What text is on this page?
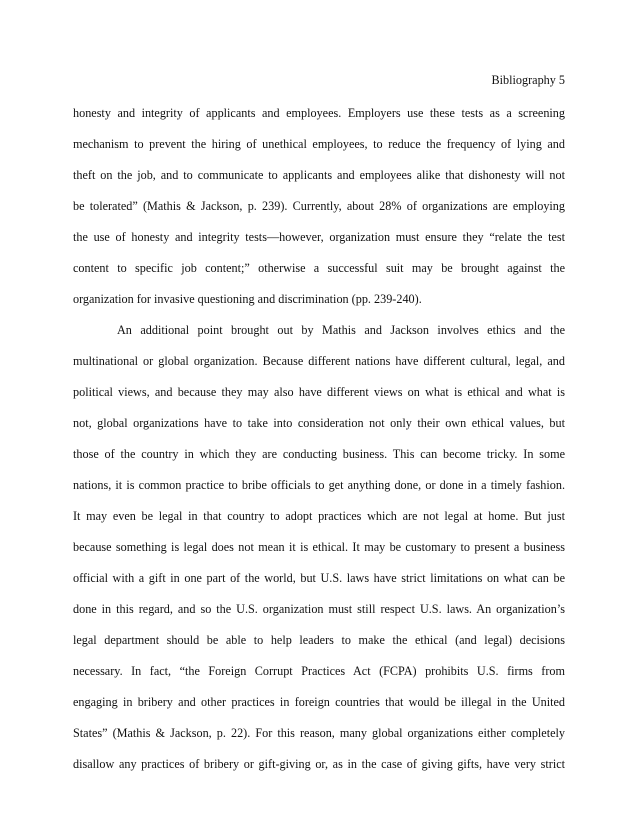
Bibliography 5
honesty and integrity of applicants and employees. Employers use these tests as a screening
mechanism to prevent the hiring of unethical employees, to reduce the frequency of lying and
theft on the job, and to communicate to applicants and employees alike that dishonesty will not
be tolerated” (Mathis & Jackson, p. 239). Currently, about 28% of organizations are employing
the use of honesty and integrity tests—however, organization must ensure they “relate the test
content to specific job content;” otherwise a successful suit may be brought against the
organization for invasive questioning and discrimination (pp. 239-240).
An additional point brought out by Mathis and Jackson involves ethics and the
multinational or global organization. Because different nations have different cultural, legal, and
political views, and because they may also have different views on what is ethical and what is
not, global organizations have to take into consideration not only their own ethical values, but
those of the country in which they are conducting business. This can become tricky. In some
nations, it is common practice to bribe officials to get anything done, or done in a timely fashion.
It may even be legal in that country to adopt practices which are not legal at home. But just
because something is legal does not mean it is ethical. It may be customary to present a business
official with a gift in one part of the world, but U.S. laws have strict limitations on what can be
done in this regard, and so the U.S. organization must still respect U.S. laws. An organization’s
legal department should be able to help leaders to make the ethical (and legal) decisions
necessary. In fact, “the Foreign Corrupt Practices Act (FCPA) prohibits U.S. firms from
engaging in bribery and other practices in foreign countries that would be illegal in the United
States” (Mathis & Jackson, p. 22). For this reason, many global organizations either completely
disallow any practices of bribery or gift-giving or, as in the case of giving gifts, have very strict
